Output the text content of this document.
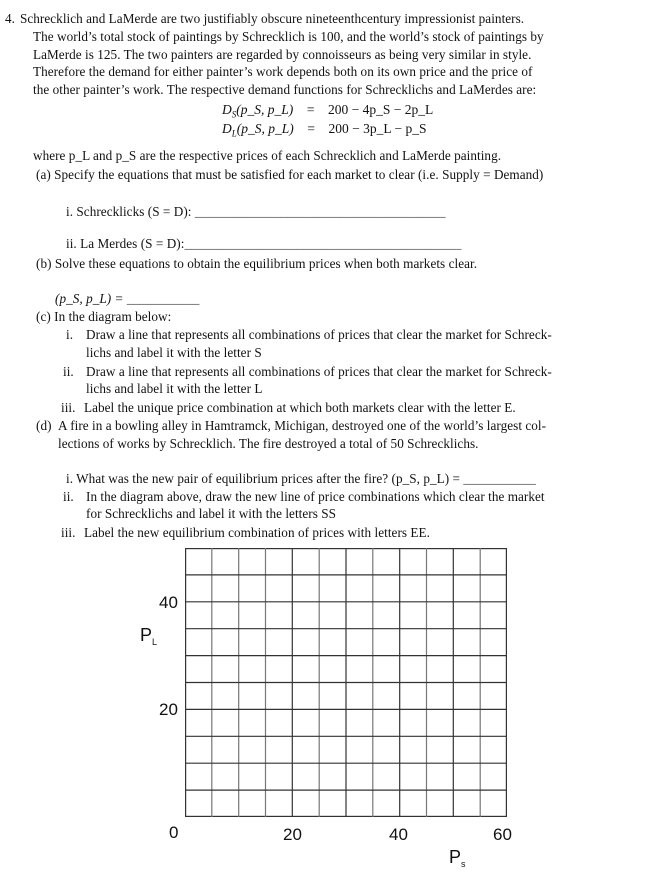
4. Schrecklich and LaMerde are two justifiably obscure nineteenthcentury impressionist painters.
The world’s total stock of paintings by Schrecklich is 100, and the world’s stock of paintings by
LaMerde is 125. The two painters are regarded by connoisseurs as being very similar in style.
Therefore the demand for either painter’s work depends both on its own price and the price of
the other painter’s work. The respective demand functions for Schrecklichs and LaMerdes are:
$D_S(p\_S$, p_L) = 200 − 4p_S − 2p_L
$D_L(p\_S$, p_L) = 200 − 3p_L − p_S
where p_L and p_S are the respective prices of each Schrecklich and LaMerde painting.
(a) Specify the equations that must be satisfied for each market to clear (i.e. Supply = Demand)
i. Schrecklicks (S = D): ______________________________________
ii. La Merdes (S = D):__________________________________________
(b) Solve these equations to obtain the equilibrium prices when both markets clear.
(p_S, p_L) = ___________
(c) In the diagram below:
i. Draw a line that represents all combinations of prices that clear the market for Schreck-
lichs and label it with the letter S
ii. Draw a line that represents all combinations of prices that clear the market for Schreck-
lichs and label it with the letter L
iii. Label the unique price combination at which both markets clear with the letter E.
(d) A fire in a bowling alley in Hamtramck, Michigan, destroyed one of the world’s largest col-
lections of works by Schrecklich. The fire destroyed a total of 50 Schrecklichs.
i. What was the new pair of equilibrium prices after the fire? (p_S, p_L) = ___________
ii. In the diagram above, draw the new line of price combinations which clear the market
for Schrecklichs and label it with the letters SS
iii. Label the new equilibrium combination of prices with letters EE.
40
20
$P_L$
0	20	40	60
$P_s$
